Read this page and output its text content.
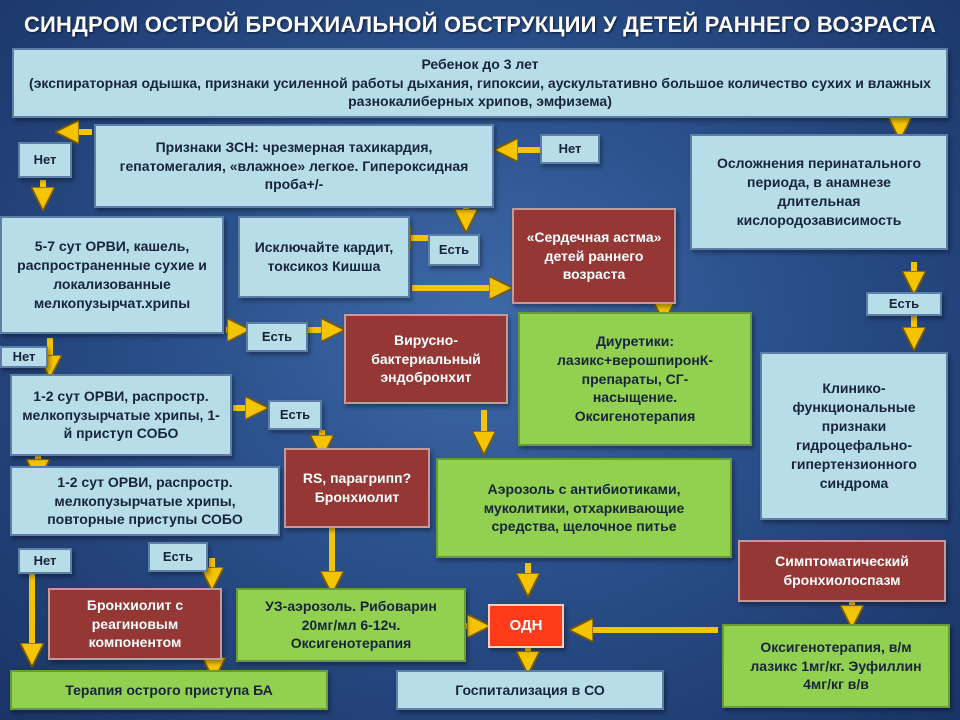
СИНДРОМ ОСТРОЙ БРОНХИАЛЬНОЙ ОБСТРУКЦИИ У ДЕТЕЙ РАННЕГО ВОЗРАСТА
Ребенок до 3 лет
(экспираторная одышка, признаки усиленной работы дыхания, гипоксии, аускультативно большое количество сухих и влажных разнокалиберных хрипов, эмфизема)
Нет
Признаки ЗСН: чрезмерная тахикардия, гепатомегалия, «влажное» легкое. Гипероксидная проба+/-
Нет
Осложнения перинатального периода, в анамнезе длительная кислородозависимость
5-7 сут ОРВИ, кашель, распространенные сухие и локализованные мелкопузырчат.хрипы
Исключайте кардит, токсикоз Кишша
Есть
«Сердечная астма» детей раннего возраста
Есть
Есть	Вирусно-бактериальный эндобронхит
Диуретики: лазикс+верошпиронК-препараты, СГ-насыщение. Оксигенотерапия
Клинико-функциональные признаки гидроцефально-гипертензионного синдрома
Нет
1-2 сут ОРВИ, распростр. мелкопузырчатые хрипы, 1-й приступ СОБО
Есть
RS, парагрипп? Бронхиолит
Аэрозоль с антибиотиками, муколитики, отхаркивающие средства, щелочное питье
1-2 сут ОРВИ, распростр. мелкопузырчатые хрипы, повторные приступы СОБО
Симптоматический бронхиолоспазм
Нет	Есть
Бронхиолит с реагиновым компонентом
УЗ-аэрозоль. Рибоварин 20мг/мл 6-12ч. Оксигенотерапия
ОДН
Оксигенотерапия, в/м лазикс 1мг/кг. Эуфиллин 4мг/кг в/в
Терапия острого приступа БА	Госпитализация в СО
